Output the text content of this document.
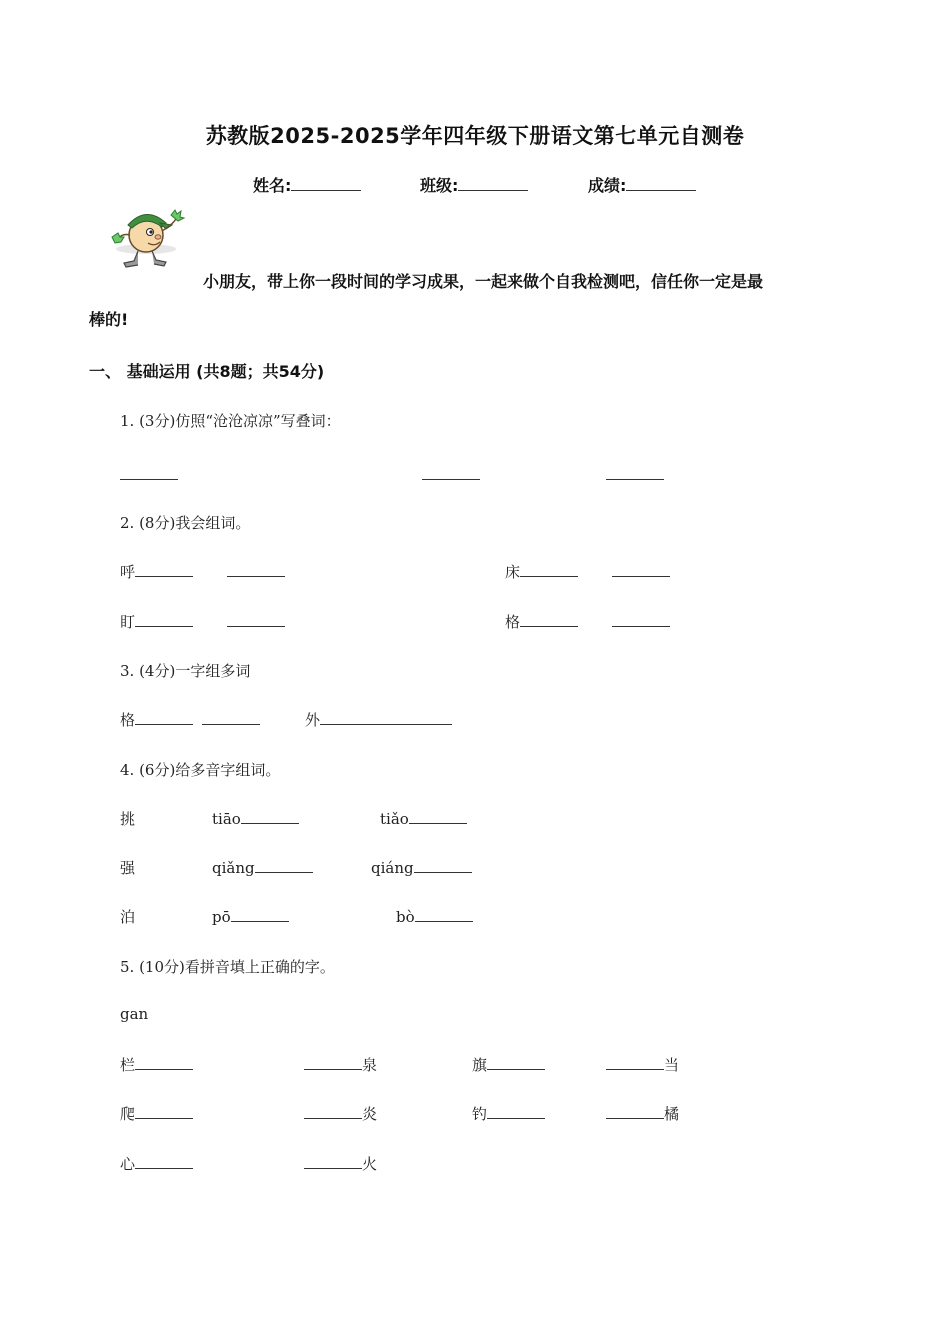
苏教版2025-2025学年四年级下册语文第七单元自测卷
姓名:	班级:	成绩:
小朋友，带上你一段时间的学习成果，一起来做个自我检测吧，信任你一定是最
棒的!
一、 基础运用 (共8题；共54分)
1. (3分)仿照“沧沧凉凉”写叠词：
2. (8分)我会组词。
呼	床
盯	格
3. (4分)一字组多词
格	外
4. (6分)给多音字组词。
挑	tiāo	tiǎo
强	qiǎng	qiáng
泊	pō	bò
5. (10分)看拼音填上正确的字。
gan
栏	泉	旗	当
爬	炎	钓	橘
心	火
